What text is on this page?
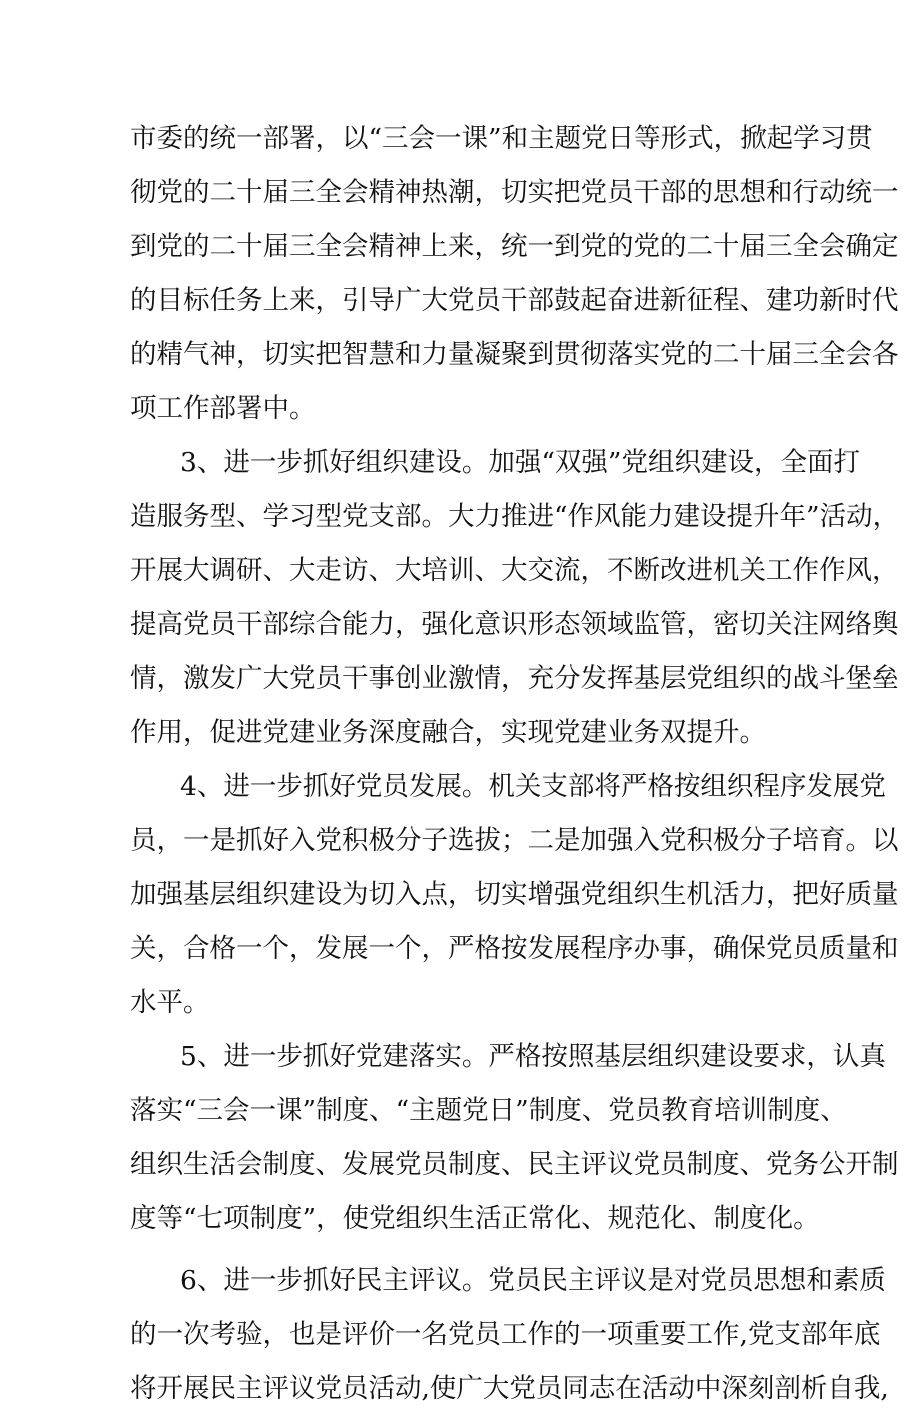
市委的统一部署，以“三会一课”和主题党日等形式，掀起学习贯
彻党的二十届三全会精神热潮，切实把党员干部的思想和行动统一
到党的二十届三全会精神上来，统一到党的党的二十届三全会确定
的目标任务上来，引导广大党员干部鼓起奋进新征程、建功新时代
的精气神，切实把智慧和力量凝聚到贯彻落实党的二十届三全会各
项工作部署中。
3、进一步抓好组织建设。加强“双强”党组织建设，全面打
造服务型、学习型党支部。大力推进“作风能力建设提升年”活动，
开展大调研、大走访、大培训、大交流，不断改进机关工作作风，
提高党员干部综合能力，强化意识形态领域监管，密切关注网络舆
情，激发广大党员干事创业激情，充分发挥基层党组织的战斗堡垒
作用，促进党建业务深度融合，实现党建业务双提升。
4、进一步抓好党员发展。机关支部将严格按组织程序发展党
员，一是抓好入党积极分子选拔；二是加强入党积极分子培育。以
加强基层组织建设为切入点，切实增强党组织生机活力，把好质量
关，合格一个，发展一个，严格按发展程序办事，确保党员质量和
水平。
5、进一步抓好党建落实。严格按照基层组织建设要求，认真
落实“三会一课”制度、“主题党日”制度、党员教育培训制度、
组织生活会制度、发展党员制度、民主评议党员制度、党务公开制
度等“七项制度”，使党组织生活正常化、规范化、制度化。
6、进一步抓好民主评议。党员民主评议是对党员思想和素质
的一次考验，也是评价一名党员工作的一项重要工作,党支部年底
将开展民主评议党员活动,使广大党员同志在活动中深刻剖析自我,
